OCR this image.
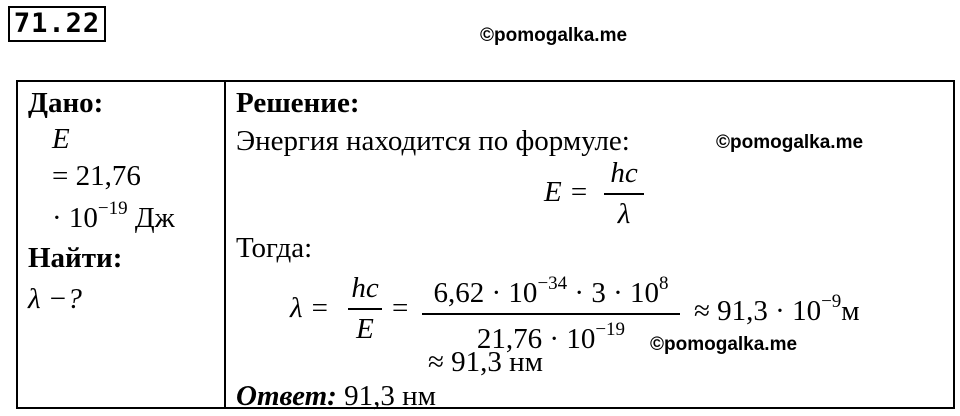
71.22	©pomogalka.me
©pomogalka.me
©pomogalka.me
Дано:
E
= 21,76
· $10^{-19}$ Дж
Найти:
λ −?
Решение:
Энергия находится по формуле:
E =
hc
λ
Тогда:
λ =
hc
E
= $6,62 \cdot 10^{-34} \cdot 3 \cdot 10^8$
$21,76 \cdot 10^{-19}$
≈ $91,3 \cdot 10^{-9}м$
≈ 91,3 нм
Ответ: 91,3 нм
